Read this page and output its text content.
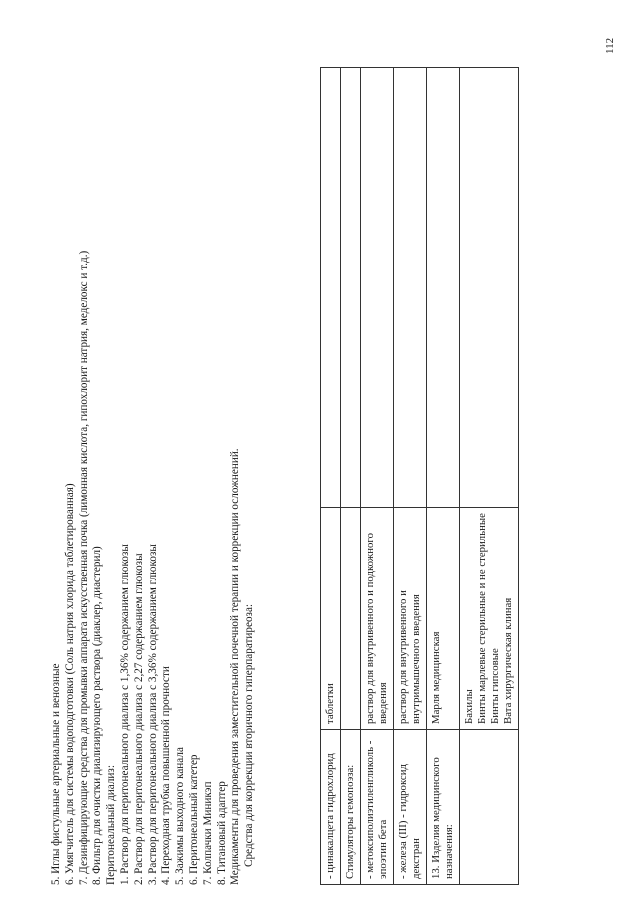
112
5. Иглы фистульные артериальные и венозные 6. Умягчитель для системы водоподготовки (Соль натрия хлорида таблетированная) 7. Дезинфицирующие средства для промывки аппарата искусственная почка (лимонная кислота, гипохлорит натрия, меделокс и т.д.) 8. Фильтр для очистки диализирующего раствора (диаклер, диастерил) Перитонеальный диализ: 1. Раствор для перитонеального диализа с 1,36% содержанием глюкозы 2. Раствор для перитонеального диализа с 2,27 содержанием глюкозы 3. Раствор для перитонеального диализа с 3,36% содержанием глюкозы 4. Переходная трубка повышенной прочности 5. Зажимы выходного канала 6. Перитонеальный катетер 7. Колпачки Миникэп 8. Титановый адаптер Медикаменты для проведения заместительной почечной терапии и коррекции осложнений. Средства для коррекции вторичного гиперпаратиреоза:	- цинакалцета гидрохлорид	таблетки	
Стимуляторы гемопоэза:		
- метоксиполиэтиленгликоль - эпоэтин бета	раствор для внутривенного и подкожного введения	
- железа (III) - гидроксид декстран	раствор для внутривенного и внутримышечного введения	
13. Изделия медицинского назначения:	Марля медицинская	

	Бахилы Бинты марлевые стерильные и не стерильные Бинты гипсовые Вата хирургическая клиная	
